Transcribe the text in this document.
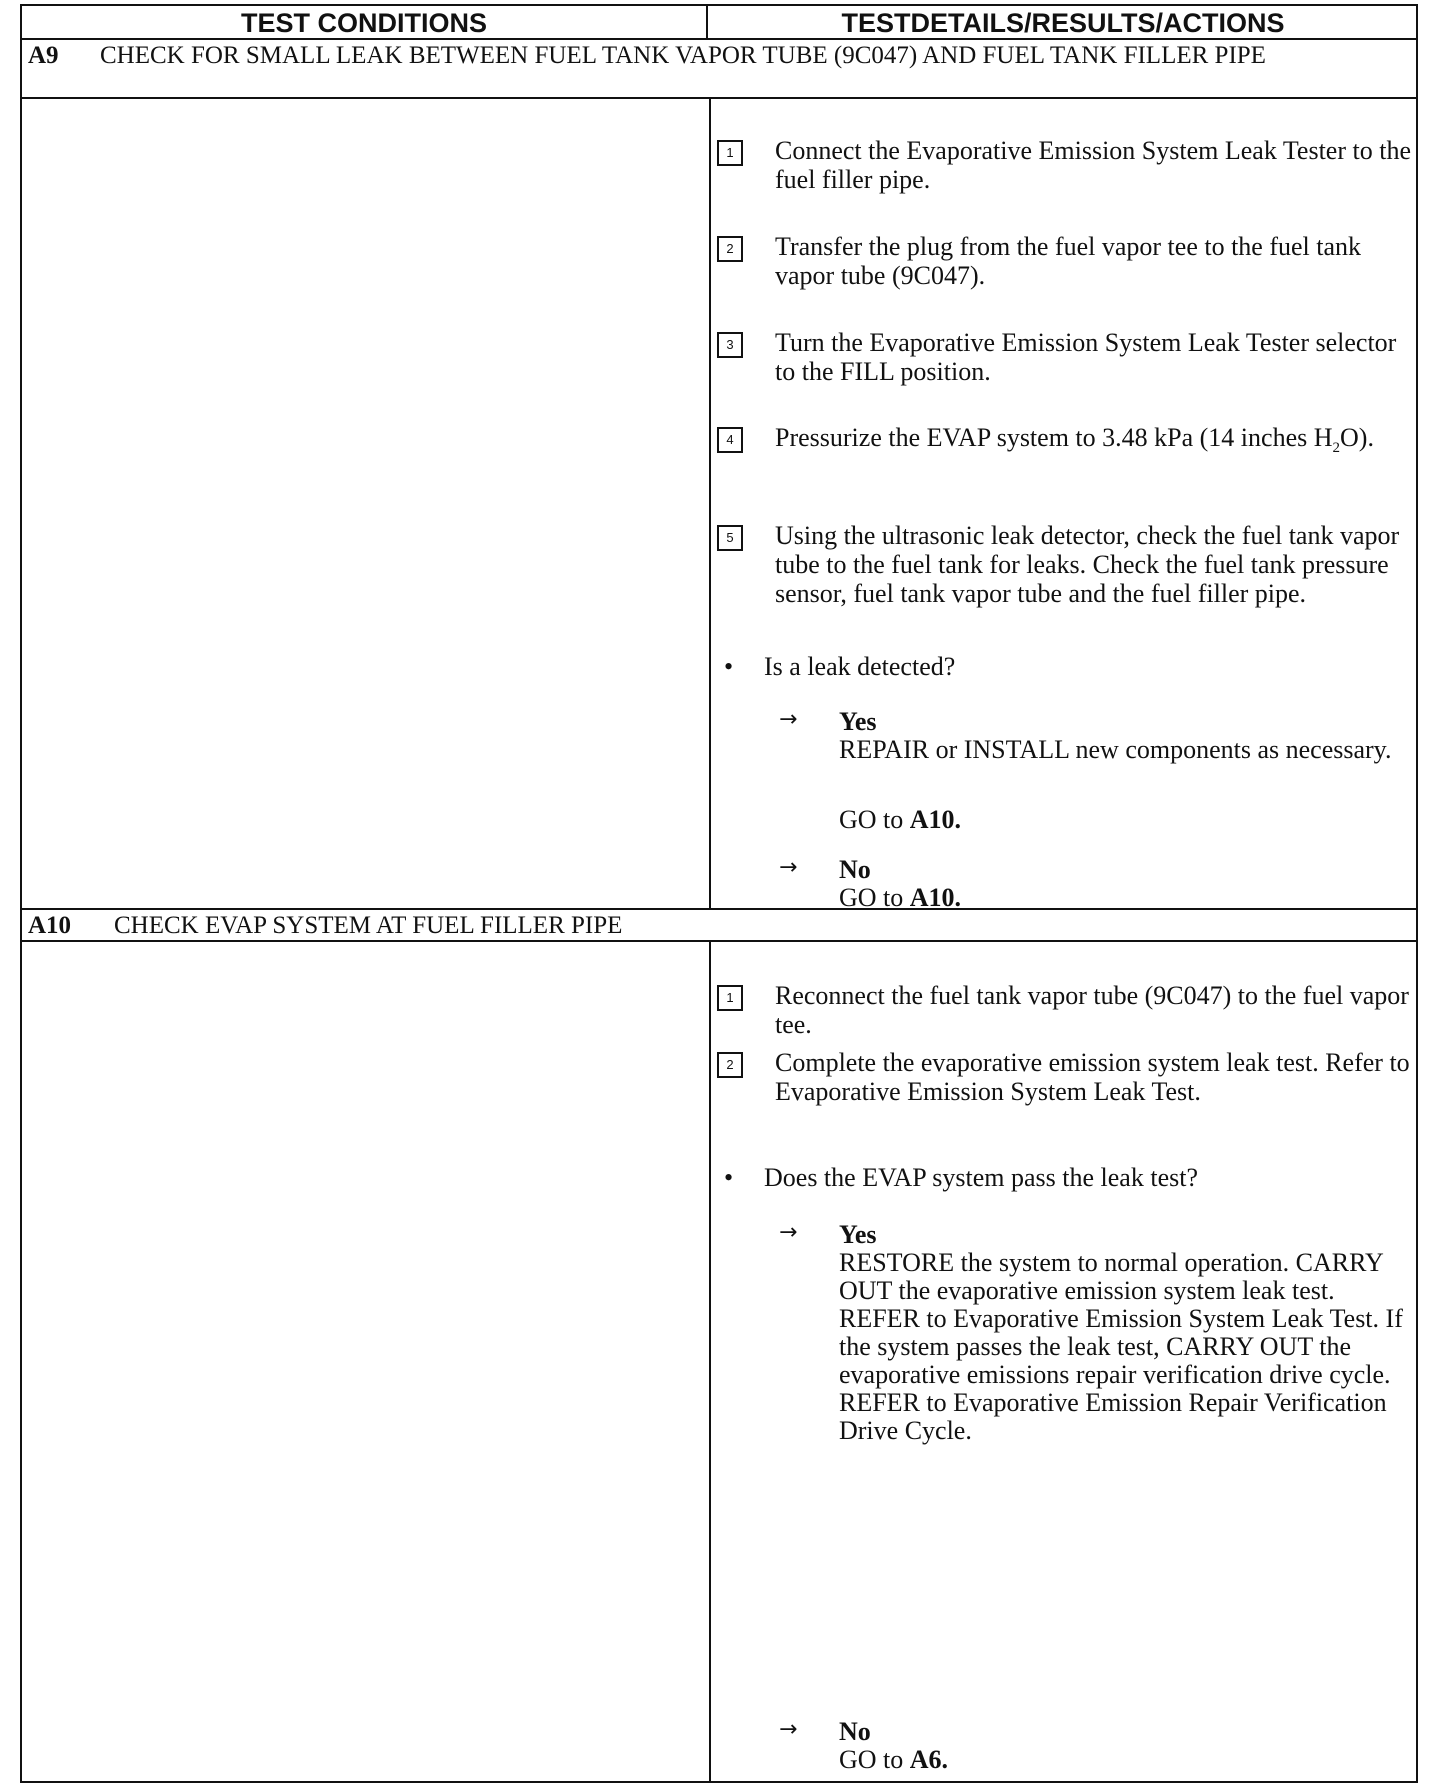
TEST CONDITIONS	TESTDETAILS/RESULTS/ACTIONS
A9 CHECK FOR SMALL LEAK BETWEEN FUEL TANK VAPOR TUBE (9C047) AND FUEL TANK FILLER PIPE
1	Connect the Evaporative Emission System Leak Tester to the fuel filler pipe.
2	Transfer the plug from the fuel vapor tee to the fuel tank vapor tube (9C047).
3	Turn the Evaporative Emission System Leak Tester selector to the FILL position.
4	Pressurize the EVAP system to 3.48 kPa (14 inches $H_2O$).
5	Using the ultrasonic leak detector, check the fuel tank vapor tube to the fuel tank for leaks. Check the fuel tank pressure sensor, fuel tank vapor tube and the fuel filler pipe.
• Is a leak detected?
→ Yes
REPAIR or INSTALL new components as necessary.
GO to A10.
→ No
GO to A10.
A10 CHECK EVAP SYSTEM AT FUEL FILLER PIPE
1	Reconnect the fuel tank vapor tube (9C047) to the fuel vapor tee.
2	Complete the evaporative emission system leak test. Refer to Evaporative Emission System Leak Test.
• Does the EVAP system pass the leak test?
→ Yes
RESTORE the system to normal operation. CARRY OUT the evaporative emission system leak test. REFER to Evaporative Emission System Leak Test. If the system passes the leak test, CARRY OUT the evaporative emissions repair verification drive cycle. REFER to Evaporative Emission Repair Verification Drive Cycle.
→ No
GO to A6.
